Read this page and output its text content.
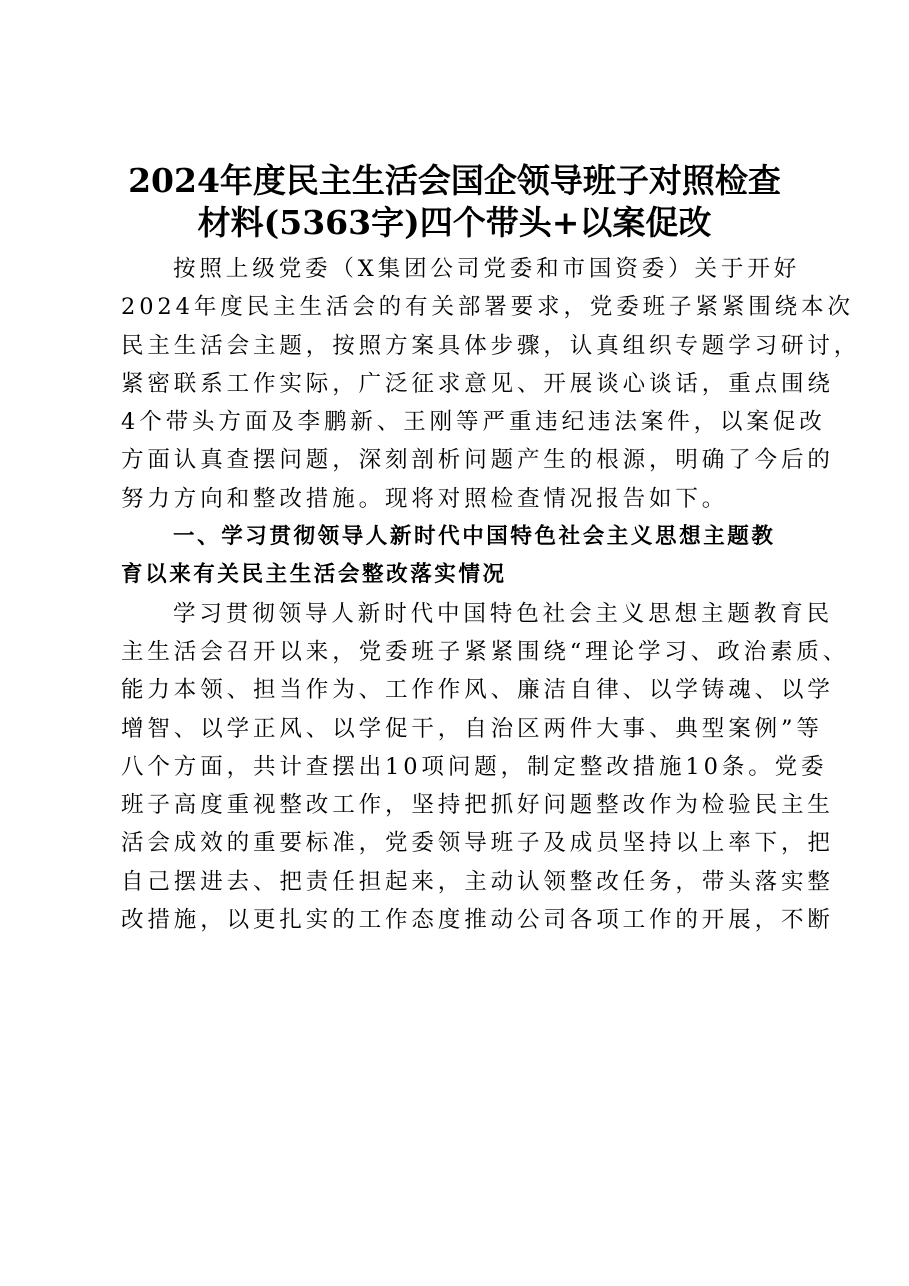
2024年度民主生活会国企领导班子对照检查
材料(5363字)四个带头+以案促改

按照上级党委（X集团公司党委和市国资委）关于开好
2024年度民主生活会的有关部署要求，党委班子紧紧围绕本次
民主生活会主题，按照方案具体步骤，认真组织专题学习研讨，
紧密联系工作实际，广泛征求意见、开展谈心谈话，重点围绕
4个带头方面及李鹏新、王刚等严重违纪违法案件，以案促改
方面认真查摆问题，深刻剖析问题产生的根源，明确了今后的
努力方向和整改措施。现将对照检查情况报告如下。

一、学习贯彻领导人新时代中国特色社会主义思想主题教
育以来有关民主生活会整改落实情况

学习贯彻领导人新时代中国特色社会主义思想主题教育民
主生活会召开以来，党委班子紧紧围绕“理论学习、政治素质、
能力本领、担当作为、工作作风、廉洁自律、以学铸魂、以学
增智、以学正风、以学促干，自治区两件大事、典型案例”等
八个方面，共计查摆出10项问题，制定整改措施10条。党委
班子高度重视整改工作，坚持把抓好问题整改作为检验民主生
活会成效的重要标准，党委领导班子及成员坚持以上率下，把
自己摆进去、把责任担起来，主动认领整改任务，带头落实整
改措施，以更扎实的工作态度推动公司各项工作的开展，不断
